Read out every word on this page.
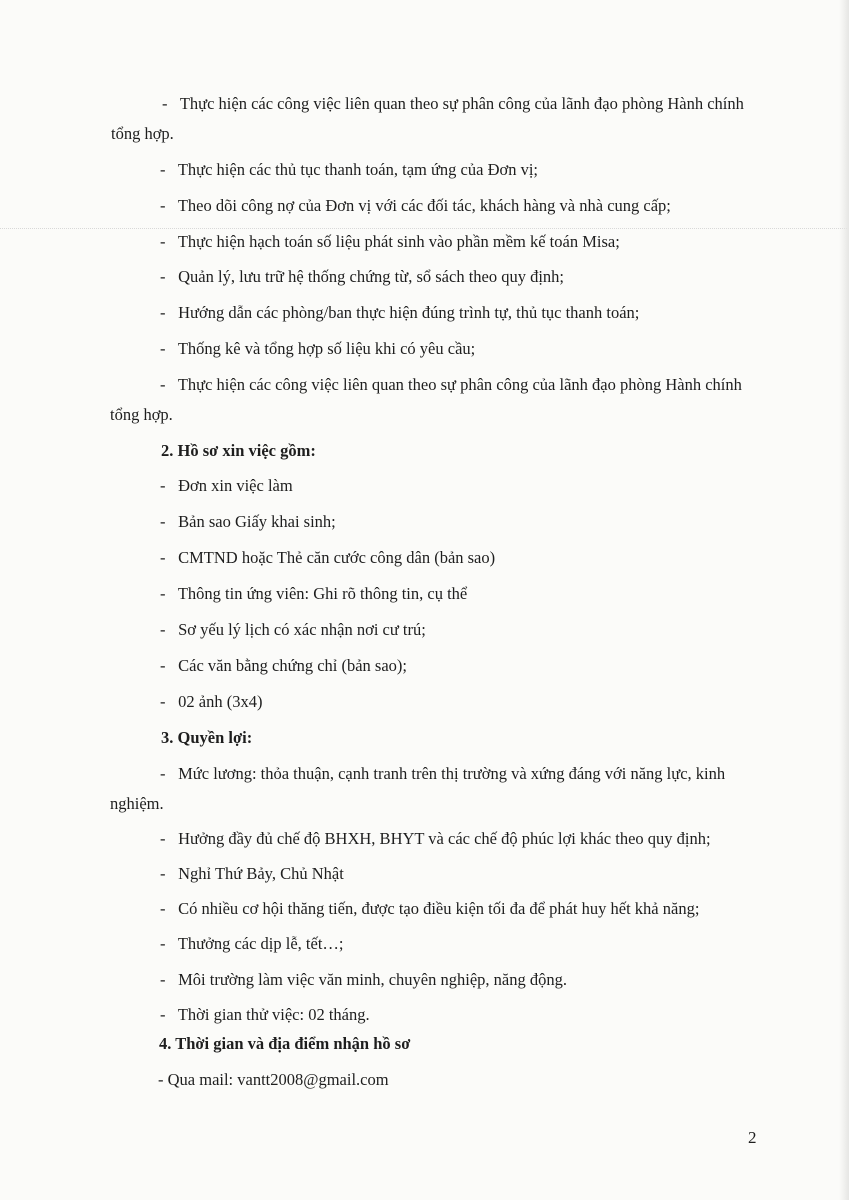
- Thực hiện các công việc liên quan theo sự phân công của lãnh đạo phòng Hành chính
tổng hợp.
- Thực hiện các thủ tục thanh toán, tạm ứng của Đơn vị;
- Theo dõi công nợ của Đơn vị với các đối tác, khách hàng và nhà cung cấp;
- Thực hiện hạch toán số liệu phát sinh vào phần mềm kế toán Misa;
- Quản lý, lưu trữ hệ thống chứng từ, sổ sách theo quy định;
- Hướng dẫn các phòng/ban thực hiện đúng trình tự, thủ tục thanh toán;
- Thống kê và tổng hợp số liệu khi có yêu cầu;
- Thực hiện các công việc liên quan theo sự phân công của lãnh đạo phòng Hành chính
tổng hợp.
2. Hồ sơ xin việc gồm:
- Đơn xin việc làm
- Bản sao Giấy khai sinh;
- CMTND hoặc Thẻ căn cước công dân (bản sao)
- Thông tin ứng viên: Ghi rõ thông tin, cụ thể
- Sơ yếu lý lịch có xác nhận nơi cư trú;
- Các văn bằng chứng chỉ (bản sao);
- 02 ảnh (3x4)
3. Quyền lợi:
- Mức lương: thỏa thuận, cạnh tranh trên thị trường và xứng đáng với năng lực, kinh
nghiệm.
- Hưởng đầy đủ chế độ BHXH, BHYT và các chế độ phúc lợi khác theo quy định;
- Nghỉ Thứ Bảy, Chủ Nhật
- Có nhiều cơ hội thăng tiến, được tạo điều kiện tối đa để phát huy hết khả năng;
- Thưởng các dịp lễ, tết…;
- Môi trường làm việc văn minh, chuyên nghiệp, năng động.
- Thời gian thử việc: 02 tháng.
4. Thời gian và địa điểm nhận hồ sơ
- Qua mail: vantt2008@gmail.com
2
